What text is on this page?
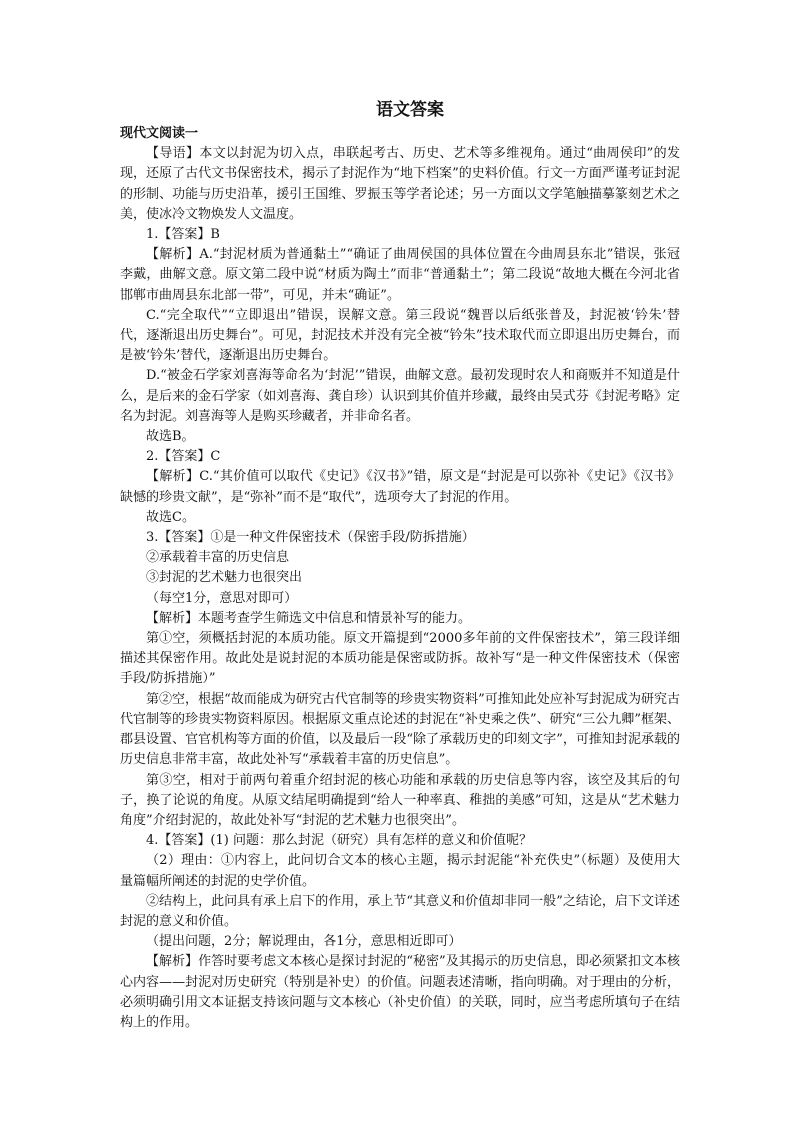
语文答案
现代文阅读一

【导语】本文以封泥为切入点，串联起考古、历史、艺术等多维视角。通过“曲周侯印”的发现，还原了古代文书保密技术，揭示了封泥作为“地下档案”的史料价值。行文一方面严谨考证封泥的形制、功能与历史沿革，援引王国维、罗振玉等学者论述；另一方面以文学笔触描摹篆刻艺术之美，使冰冷文物焕发人文温度。

1.【答案】B

【解析】A.“封泥材质为普通黏土”“确证了曲周侯国的具体位置在今曲周县东北”错误，张冠李戴，曲解文意。原文第二段中说“材质为陶土”而非“普通黏土”；第二段说“故地大概在今河北省邯郸市曲周县东北部一带”，可见，并未“确证”。

C.“完全取代”“立即退出”错误，误解文意。第三段说“魏晋以后纸张普及，封泥被‘钤朱’替代，逐渐退出历史舞台”。可见，封泥技术并没有完全被“钤朱”技术取代而立即退出历史舞台，而是被‘钤朱’替代，逐渐退出历史舞台。

D.“被金石学家刘喜海等命名为‘封泥’”错误，曲解文意。最初发现时农人和商贩并不知道是什么，是后来的金石学家（如刘喜海、龚自珍）认识到其价值并珍藏，最终由吴式芬《封泥考略》定名为封泥。刘喜海等人是购买珍藏者，并非命名者。

故选B。

2.【答案】C

【解析】C.“其价值可以取代《史记》《汉书》”错，原文是“封泥是可以弥补《史记》《汉书》缺憾的珍贵文献”，是“弥补”而不是“取代”，选项夸大了封泥的作用。

故选C。

3.【答案】①是一种文件保密技术（保密手段/防拆措施）

②承载着丰富的历史信息

③封泥的艺术魅力也很突出

（每空1分，意思对即可）

【解析】本题考查学生筛选文中信息和情景补写的能力。

第①空，须概括封泥的本质功能。原文开篇提到“2000多年前的文件保密技术”，第三段详细描述其保密作用。故此处是说封泥的本质功能是保密或防拆。故补写“是一种文件保密技术（保密手段/防拆措施）”

第②空，根据“故而能成为研究古代官制等的珍贵实物资料”可推知此处应补写封泥成为研究古代官制等的珍贵实物资料原因。根据原文重点论述的封泥在“补史乘之佚”、研究“三公九卿”框架、郡县设置、官官机构等方面的价值，以及最后一段“除了承载历史的印刻文字”，可推知封泥承载的历史信息非常丰富，故此处补写“承载着丰富的历史信息”。

第③空，相对于前两句着重介绍封泥的核心功能和承载的历史信息等内容，该空及其后的句子，换了论说的角度。从原文结尾明确提到“给人一种率真、稚拙的美感”可知，这是从“艺术魅力角度”介绍封泥的，故此处补写“封泥的艺术魅力也很突出”。

4.【答案】(1) 问题：那么封泥（研究）具有怎样的意义和价值呢？

（2）理由：①内容上，此问切合文本的核心主题，揭示封泥能“补充佚史”（标题）及使用大量篇幅所阐述的封泥的史学价值。

②结构上，此问具有承上启下的作用，承上节“其意义和价值却非同一般”之结论，启下文详述封泥的意义和价值。

（提出问题，2分；解说理由，各1分，意思相近即可）

【解析】作答时要考虑文本核心是探讨封泥的“秘密”及其揭示的历史信息，即必须紧扣文本核心内容——封泥对历史研究（特别是补史）的价值。问题表述清晰，指向明确。对于理由的分析，必须明确引用文本证据支持该问题与文本核心（补史价值）的关联，同时，应当考虑所填句子在结构上的作用。
